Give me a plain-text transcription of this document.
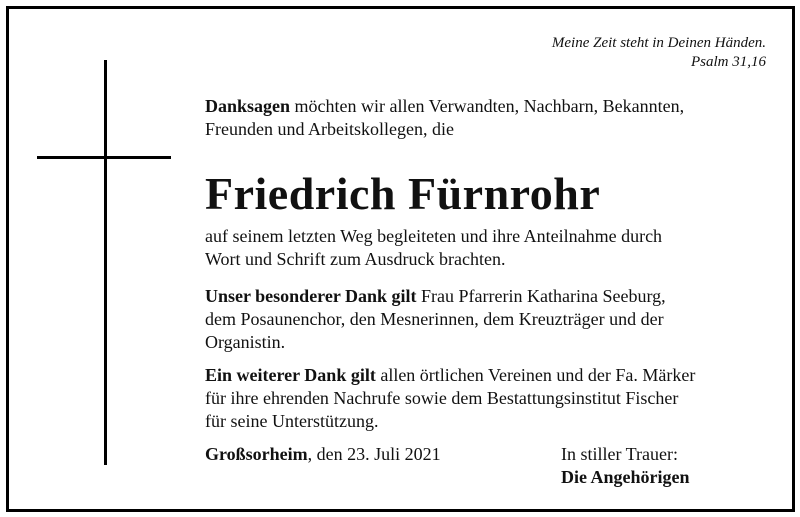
Meine Zeit steht in Deinen Händen.
Psalm 31,16
Danksagen möchten wir allen Verwandten, Nachbarn, Bekannten,
Freunden und Arbeitskollegen, die
Friedrich Fürnrohr
auf seinem letzten Weg begleiteten und ihre Anteilnahme durch
Wort und Schrift zum Ausdruck brachten.
Unser besonderer Dank gilt Frau Pfarrerin Katharina Seeburg,
dem Posaunenchor, den Mesnerinnen, dem Kreuzträger und der
Organistin.
Ein weiterer Dank gilt allen örtlichen Vereinen und der Fa. Märker
für ihre ehrenden Nachrufe sowie dem Bestattungsinstitut Fischer
für seine Unterstützung.
Großsorheim, den 23. Juli 2021	In stiller Trauer:
Die Angehörigen
